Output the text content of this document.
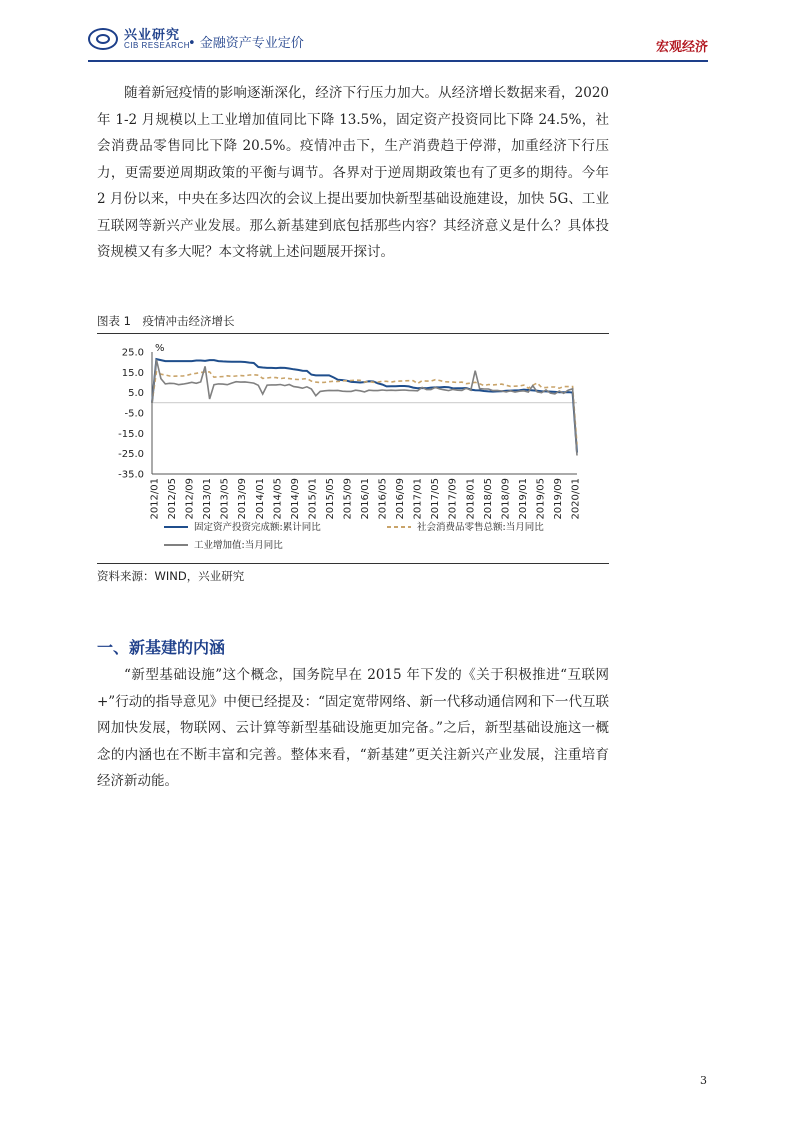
兴业研究
CIB RESEARCH
• 金融资产专业定价	宏观经济

随着新冠疫情的影响逐渐深化，经济下行压力加大。从经济增长数据来看，2020 年 1-2 月规模以上工业增加值同比下降 13.5%，固定资产投资同比下降 24.5%，社会消费品零售同比下降 20.5%。疫情冲击下，生产消费趋于停滞，加重经济下行压力，更需要逆周期政策的平衡与调节。各界对于逆周期政策也有了更多的期待。今年 2 月份以来，中央在多达四次的会议上提出要加快新型基础设施建设，加快 5G、工业互联网等新兴产业发展。那么新基建到底包括那些内容？其经济意义是什么？具体投资规模又有多大呢？本文将就上述问题展开探讨。

图表 1　疫情冲击经济增长
25.0
15.0
5.0
-5.0
-15.0
-25.0
-35.0
%
2012/01 2012/05 2012/09 2013/01 2013/05 2013/09 2014/01 2014/05 2014/09 2015/01 2015/05 2015/09 2016/01 2016/05 2016/09 2017/01 2017/05 2017/09 2018/01 2018/05 2018/09 2019/01 2019/05 2019/09 2020/01
固定资产投资完成额:累计同比	社会消费品零售总额:当月同比
工业增加值:当月同比
资料来源：WIND，兴业研究
一、新基建的内涵

“新型基础设施”这个概念，国务院早在 2015 年下发的《关于积极推进“互联网+”行动的指导意见》中便已经提及：“固定宽带网络、新一代移动通信网和下一代互联网加快发展，物联网、云计算等新型基础设施更加完备。”之后，新型基础设施这一概念的内涵也在不断丰富和完善。整体来看，“新基建”更关注新兴产业发展，注重培育经济新动能。

3
